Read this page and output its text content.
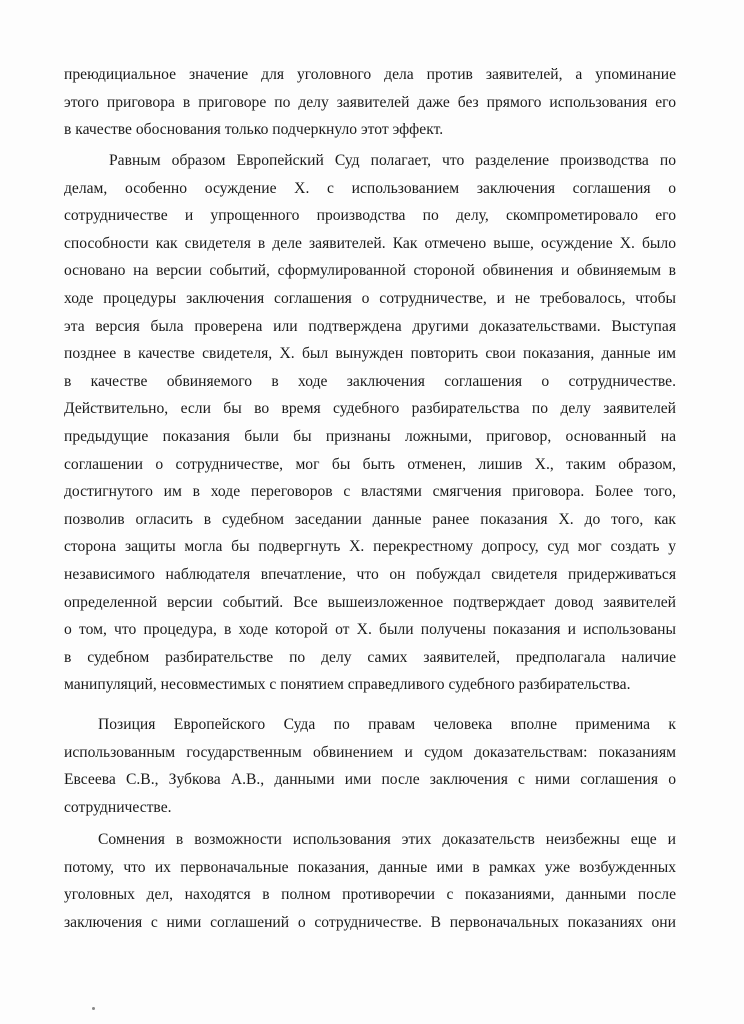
преюдициальное значение для уголовного дела против заявителей, а упоминание
этого приговора в приговоре по делу заявителей даже без прямого использования его
в качестве обоснования только подчеркнуло этот эффект.
Равным образом Европейский Суд полагает, что разделение производства по
делам, особенно осуждение Х. с использованием заключения соглашения о
сотрудничестве и упрощенного производства по делу, скомпрометировало его
способности как свидетеля в деле заявителей. Как отмечено выше, осуждение Х. было
основано на версии событий, сформулированной стороной обвинения и обвиняемым в
ходе процедуры заключения соглашения о сотрудничестве, и не требовалось, чтобы
эта версия была проверена или подтверждена другими доказательствами. Выступая
позднее в качестве свидетеля, Х. был вынужден повторить свои показания, данные им
в качестве обвиняемого в ходе заключения соглашения о сотрудничестве.
Действительно, если бы во время судебного разбирательства по делу заявителей
предыдущие показания были бы признаны ложными, приговор, основанный на
соглашении о сотрудничестве, мог бы быть отменен, лишив Х., таким образом,
достигнутого им в ходе переговоров с властями смягчения приговора. Более того,
позволив огласить в судебном заседании данные ранее показания Х. до того, как
сторона защиты могла бы подвергнуть Х. перекрестному допросу, суд мог создать у
независимого наблюдателя впечатление, что он побуждал свидетеля придерживаться
определенной версии событий. Все вышеизложенное подтверждает довод заявителей
о том, что процедура, в ходе которой от Х. были получены показания и использованы
в судебном разбирательстве по делу самих заявителей, предполагала наличие
манипуляций, несовместимых с понятием справедливого судебного разбирательства.
Позиция Европейского Суда по правам человека вполне применима к
использованным государственным обвинением и судом доказательствам: показаниям
Евсеева С.В., Зубкова А.В., данными ими после заключения с ними соглашения о
сотрудничестве.
Сомнения в возможности использования этих доказательств неизбежны еще и
потому, что их первоначальные показания, данные ими в рамках уже возбужденных
уголовных дел, находятся в полном противоречии с показаниями, данными после
заключения с ними соглашений о сотрудничестве. В первоначальных показаниях они
